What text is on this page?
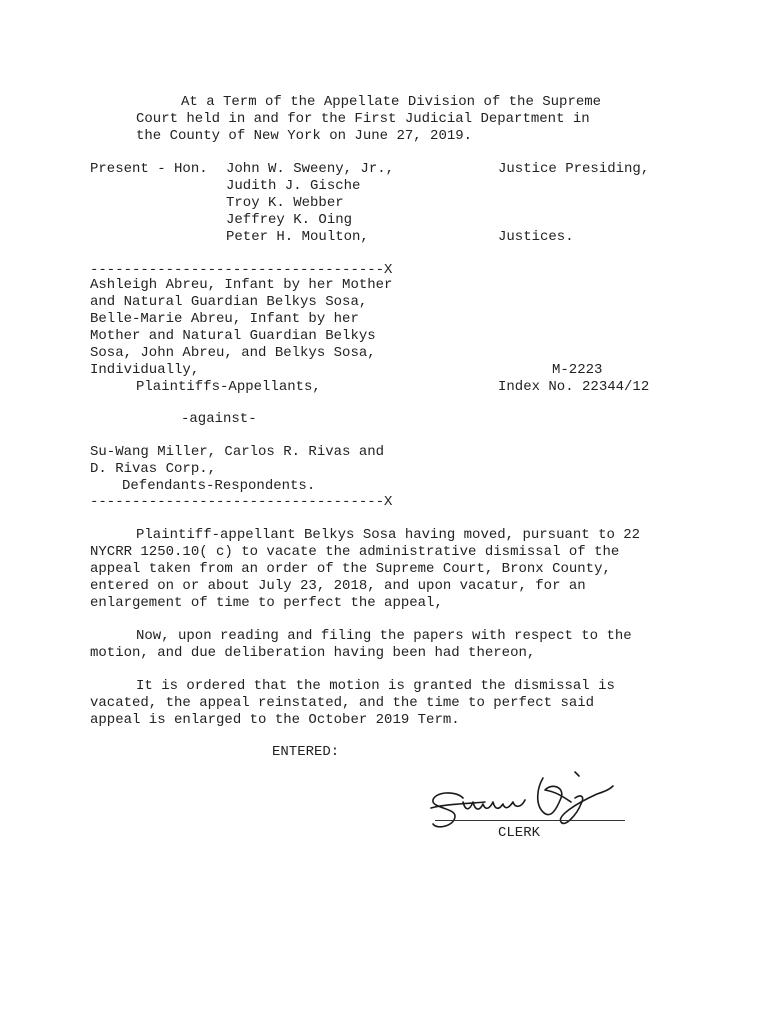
At a Term of the Appellate Division of the Supreme

Court held in and for the First Judicial Department in

the County of New York on June 27, 2019.

Present - Hon. John W. Sweeny, Jr.,	Justice Presiding,

Judith J. Gische

Troy K. Webber

Jeffrey K. Oing

Peter H. Moulton,	Justices.

-----------------------------------X

Ashleigh Abreu, Infant by her Mother

and Natural Guardian Belkys Sosa,

Belle-Marie Abreu, Infant by her

Mother and Natural Guardian Belkys

Sosa, John Abreu, and Belkys Sosa,

Individually,	M-2223

Plaintiffs-Appellants,	Index No. 22344/12

-against-

Su-Wang Miller, Carlos R. Rivas and

D. Rivas Corp.,

Defendants-Respondents.

-----------------------------------X

Plaintiff-appellant Belkys Sosa having moved, pursuant to 22

NYCRR 1250.10( c) to vacate the administrative dismissal of the

appeal taken from an order of the Supreme Court, Bronx County,

entered on or about July 23, 2018, and upon vacatur, for an

enlargement of time to perfect the appeal,

Now, upon reading and filing the papers with respect to the

motion, and due deliberation having been had thereon,

It is ordered that the motion is granted the dismissal is

vacated, the appeal reinstated, and the time to perfect said

appeal is enlarged to the October 2019 Term.

ENTERED:

CLERK
